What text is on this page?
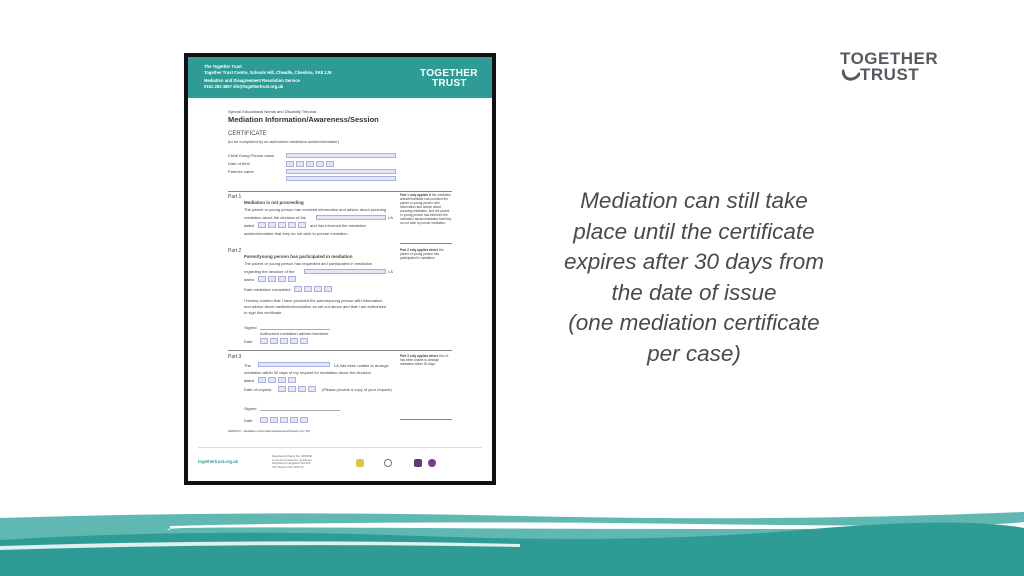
TOGETHER
TRUST
Mediation can still take
place until the certificate
expires after 30 days from
the date of issue
(one mediation certificate
per case)
The Together Trust
Together Trust Centre, Schools Hill, Cheadle, Cheshire, SK8 1JE
Mediation and Disagreement Resolution Service
0161 283 4857 sfs@togethertrust.org.uk
TOGETHER
TRUST
Special Educational Needs and Disability Tribunal
Mediation Information/Awareness/Session
CERTIFICATE
(to be completed by an authorised mediation adviser/mediator)
Child/Young Person name
Date of birth
Parent's name
Part 1
Mediation is not proceeding
The parent or young person has received information and advice about pursuing
mediation about the decision of the	LA
dated	and has informed the mediation
adviser/mediator that they do not wish to pursue mediation.
Part 1 only applies if the mediation adviser/mediator has provided the parent or young person with information and advice about pursuing mediation, and the parent or young person has informed the mediation adviser/mediator that they do not wish to pursue mediation.
Part 2
Parent/young person has participated in mediation
The parent or young person has requested and participated in mediation
regarding the decision of the	LA
dated
Date mediation completed
I hereby confirm that I have provided the parent/young person with information
and advice about mediation/resolution as set out above and that I am authorised
to sign this certificate.
Signed
Authorised mediation adviser/mediator
Date
Part 2 only applies where the parent or young person has participated in mediation.
Part 3
The	LA has been unable to arrange
mediation within 30 days of my request for mediation about the decision
dated
Date of request	(Please provide a copy of your request)
Signed
Date
SENDIST - Mediation Information/Awareness/Session (07 19)
Part 3 only applies where the LA has been unable to arrange mediation within 30 days.
togethertrust.org.uk
Registered Charity No. 1000000 A company limited by guarantee Registered in England 123 456 VAT Number 611 4063 01
